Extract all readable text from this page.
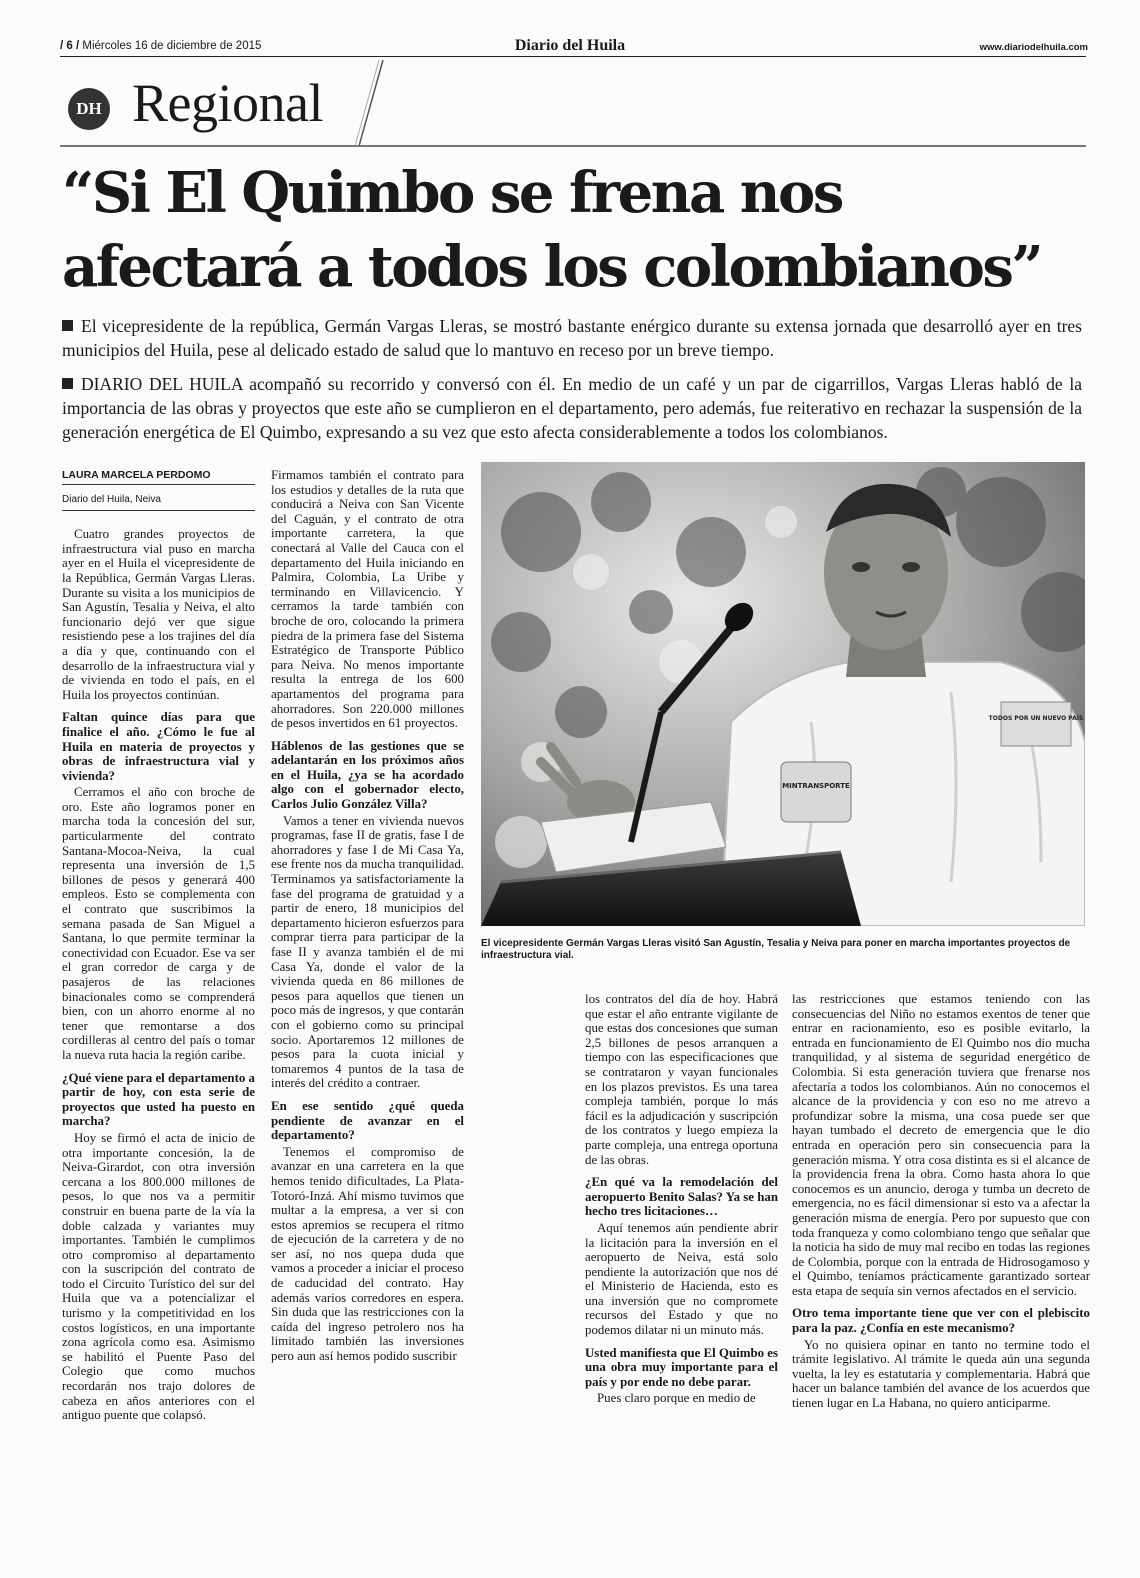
/ 6 / Miércoles 16 de diciembre de 2015	Diario del Huila	www.diariodelhuila.com
DH Regional
“Si El Quimbo se frena nos afectará a todos los colombianos”

El vicepresidente de la república, Germán Vargas Lleras, se mostró bastante enérgico durante su extensa jornada que desarrolló ayer en tres municipios del Huila, pese al delicado estado de salud que lo mantuvo en receso por un breve tiempo.

DIARIO DEL HUILA acompañó su recorrido y conversó con él. En medio de un café y un par de cigarrillos, Vargas Lleras habló de la importancia de las obras y proyectos que este año se cumplieron en el departamento, pero además, fue reiterativo en rechazar la suspensión de la generación energética de El Quimbo, expresando a su vez que esto afecta considerablemente a todos los colombianos.

LAURA MARCELA PERDOMO
Diario del Huila, Neiva

Cuatro grandes proyectos de infraestructura vial puso en marcha ayer en el Huila el vicepresidente de la República, Germán Vargas Lleras. Durante su visita a los municipios de San Agustín, Tesalia y Neiva, el alto funcionario dejó ver que sigue resistiendo pese a los trajines del día a día y que, continuando con el desarrollo de la infraestructura vial y de vivienda en todo el país, en el Huila los proyectos continúan.

Faltan quince días para que finalice el año. ¿Cómo le fue al Huila en materia de proyectos y obras de infraestructura vial y vivienda?

Cerramos el año con broche de oro. Este año logramos poner en marcha toda la concesión del sur, particularmente del contrato Santana-Mocoa-Neiva, la cual representa una inversión de 1,5 billones de pesos y generará 400 empleos. Esto se complementa con el contrato que suscribimos la semana pasada de San Miguel a Santana, lo que permite terminar la conectividad con Ecuador. Ese va ser el gran corredor de carga y de pasajeros de las relaciones binacionales como se comprenderá bien, con un ahorro enorme al no tener que remontarse a dos cordilleras al centro del país o tomar la nueva ruta hacia la región caribe.

¿Qué viene para el departamento a partir de hoy, con esta serie de proyectos que usted ha puesto en marcha?

Hoy se firmó el acta de inicio de otra importante concesión, la de Neiva-Girardot, con otra inversión cercana a los 800.000 millones de pesos, lo que nos va a permitir construir en buena parte de la vía la doble calzada y variantes muy importantes. También le cumplimos otro compromiso al departamento con la suscripción del contrato de todo el Circuito Turístico del sur del Huila que va a potencializar el turismo y la competitividad en los costos logísticos, en una importante zona agrícola como esa. Asimismo se habilitó el Puente Paso del Colegio que como muchos recordarán nos trajo dolores de cabeza en años anteriores con el antiguo puente que colapsó.

Firmamos también el contrato para los estudios y detalles de la ruta que conducirá a Neiva con San Vicente del Caguán, y el contrato de otra importante carretera, la que conectará al Valle del Cauca con el departamento del Huila iniciando en Palmira, Colombia, La Uribe y terminando en Villavicencio. Y cerramos la tarde también con broche de oro, colocando la primera piedra de la primera fase del Sistema Estratégico de Transporte Público para Neiva. No menos importante resulta la entrega de los 600 apartamentos del programa para ahorradores. Son 220.000 millones de pesos invertidos en 61 proyectos.

Háblenos de las gestiones que se adelantarán en los próximos años en el Huila, ¿ya se ha acordado algo con el gobernador electo, Carlos Julio González Villa?

Vamos a tener en vivienda nuevos programas, fase II de gratis, fase I de ahorradores y fase I de Mi Casa Ya, ese frente nos da mucha tranquilidad. Terminamos ya satisfactoriamente la fase del programa de gratuidad y a partir de enero, 18 municipios del departamento hicieron esfuerzos para comprar tierra para participar de la fase II y avanza también el de mi Casa Ya, donde el valor de la vivienda queda en 86 millones de pesos para aquellos que tienen un poco más de ingresos, y que contarán con el gobierno como su principal socio. Aportaremos 12 millones de pesos para la cuota inicial y tomaremos 4 puntos de la tasa de interés del crédito a contraer.

En ese sentido ¿qué queda pendiente de avanzar en el departamento?

Tenemos el compromiso de avanzar en una carretera en la que hemos tenido dificultades, La Plata-Totoró-Inzá. Ahí mismo tuvimos que multar a la empresa, a ver si con estos apremios se recupera el ritmo de ejecución de la carretera y de no ser así, no nos quepa duda que vamos a proceder a iniciar el proceso de caducidad del contrato. Hay además varios corredores en espera. Sin duda que las restricciones con la caída del ingreso petrolero nos ha limitado también las inversiones pero aun así hemos podido suscribir

MINTRANSPORTE
TODOS POR UN NUEVO PAÍS
El vicepresidente Germán Vargas Lleras visitó San Agustín, Tesalia y Neiva para poner en marcha importantes proyectos de infraestructura vial.

los contratos del día de hoy. Habrá que estar el año entrante vigilante de que estas dos concesiones que suman 2,5 billones de pesos arranquen a tiempo con las especificaciones que se contrataron y vayan funcionales en los plazos previstos. Es una tarea compleja también, porque lo más fácil es la adjudicación y suscripción de los contratos y luego empieza la parte compleja, una entrega oportuna de las obras.

¿En qué va la remodelación del aeropuerto Benito Salas? Ya se han hecho tres licitaciones…

Aquí tenemos aún pendiente abrir la licitación para la inversión en el aeropuerto de Neiva, está solo pendiente la autorización que nos dé el Ministerio de Hacienda, esto es una inversión que no compromete recursos del Estado y que no podemos dilatar ni un minuto más.

Usted manifiesta que El Quimbo es una obra muy importante para el país y por ende no debe parar.

Pues claro porque en medio de

las restricciones que estamos teniendo con las consecuencias del Niño no estamos exentos de tener que entrar en racionamiento, eso es posible evitarlo, la entrada en funcionamiento de El Quimbo nos dio mucha tranquilidad, y al sistema de seguridad energético de Colombia. Si esta generación tuviera que frenarse nos afectaría a todos los colombianos. Aún no conocemos el alcance de la providencia y con eso no me atrevo a profundizar sobre la misma, una cosa puede ser que hayan tumbado el decreto de emergencia que le dio entrada en operación pero sin consecuencia para la generación misma. Y otra cosa distinta es si el alcance de la providencia frena la obra. Como hasta ahora lo que conocemos es un anuncio, deroga y tumba un decreto de emergencia, no es fácil dimensionar si esto va a afectar la generación misma de energía. Pero por supuesto que con toda franqueza y como colombiano tengo que señalar que la noticia ha sido de muy mal recibo en todas las regiones de Colombia, porque con la entrada de Hidrosogamoso y el Quimbo, teníamos prácticamente garantizado sortear esta etapa de sequía sin vernos afectados en el servicio.

Otro tema importante tiene que ver con el plebiscito para la paz. ¿Confía en este mecanismo?

Yo no quisiera opinar en tanto no termine todo el trámite legislativo. Al trámite le queda aún una segunda vuelta, la ley es estatutaria y complementaria. Habrá que hacer un balance también del avance de los acuerdos que tienen lugar en La Habana, no quiero anticiparme.
